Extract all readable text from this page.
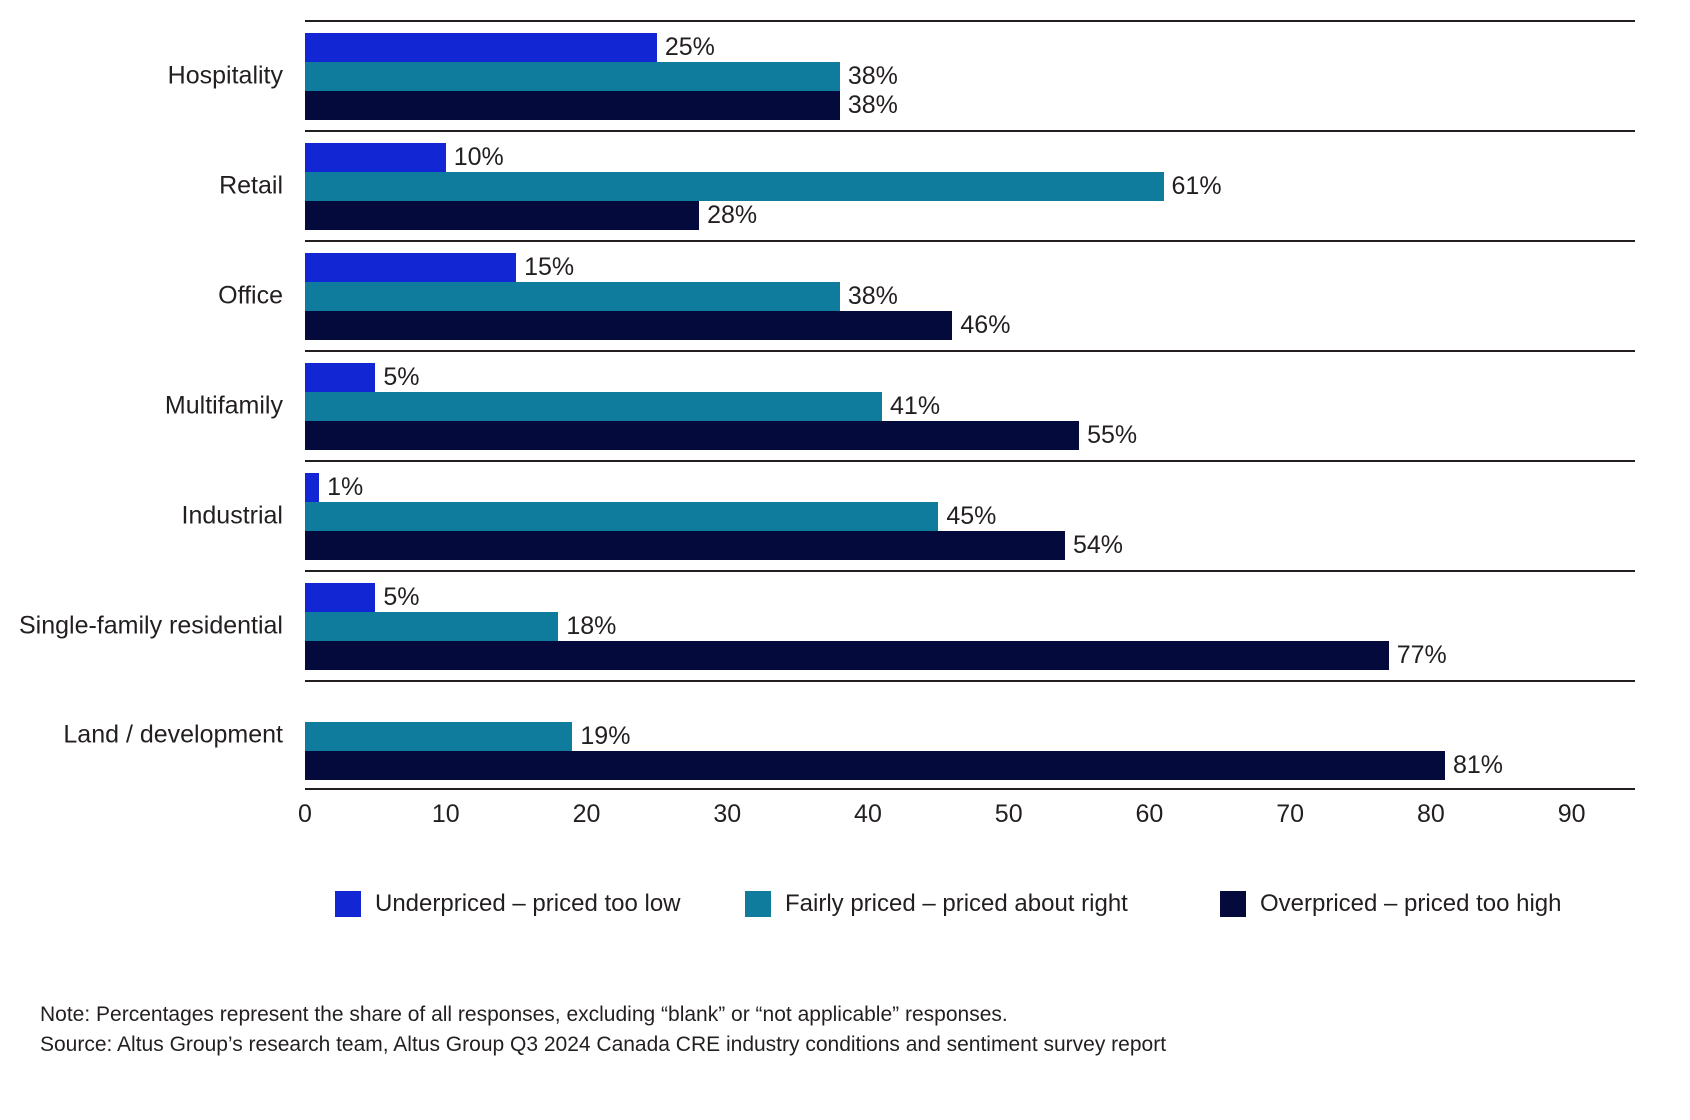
Hospitality
25%
38%
38%
Retail
10%
61%
28%
Office
15%
38%
46%
Multifamily
5%
41%
55%
Industrial
1%
45%
54%
Single-family residential
5%
18%
77%
Land / development	19%
81%
0	10	20	30	40	50	60	70	80	90
Underpriced – priced too low	Fairly priced – priced about right	Overpriced – priced too high
Note: Percentages represent the share of all responses, excluding “blank” or “not applicable” responses.
Source: Altus Group’s research team, Altus Group Q3 2024 Canada CRE industry conditions and sentiment survey report
